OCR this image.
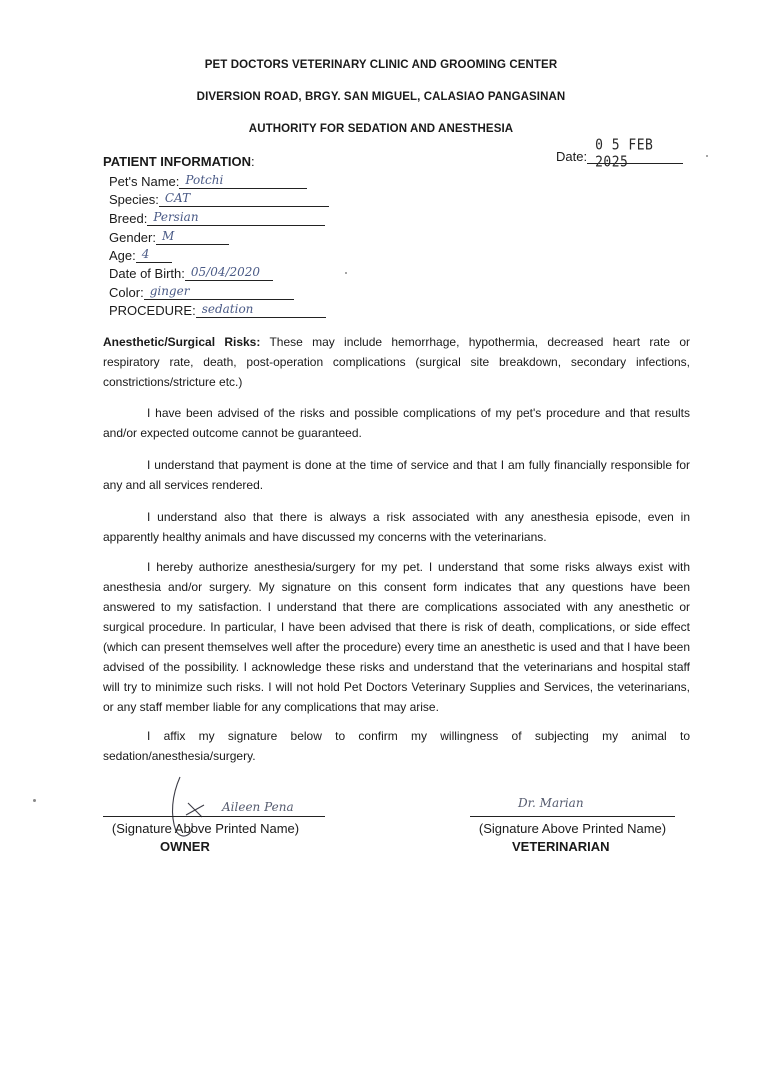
PET DOCTORS VETERINARY CLINIC AND GROOMING CENTER
DIVERSION ROAD, BRGY. SAN MIGUEL, CALASIAO PANGASINAN
AUTHORITY FOR SEDATION AND ANESTHESIA
Date:
0 5 FEB 2025
PATIENT INFORMATION:
Pet's Name: Potchi
Species: CAT
Breed: Persian
Gender: M
Age: 4
Date of Birth: 05/04/2020
Color: ginger
PROCEDURE: sedation

Anesthetic/Surgical Risks: These may include hemorrhage, hypothermia, decreased heart rate or respiratory rate, death, post-operation complications (surgical site breakdown, secondary infections, constrictions/stricture etc.)

I have been advised of the risks and possible complications of my pet's procedure and that results and/or expected outcome cannot be guaranteed.

I understand that payment is done at the time of service and that I am fully financially responsible for any and all services rendered.

I understand also that there is always a risk associated with any anesthesia episode, even in apparently healthy animals and have discussed my concerns with the veterinarians.

I hereby authorize anesthesia/surgery for my pet. I understand that some risks always exist with anesthesia and/or surgery. My signature on this consent form indicates that any questions have been answered to my satisfaction. I understand that there are complications associated with any anesthetic or surgical procedure. In particular, I have been advised that there is risk of death, complications, or side effect (which can present themselves well after the procedure) every time an anesthetic is used and that I have been advised of the possibility. I acknowledge these risks and understand that the veterinarians and hospital staff will try to minimize such risks. I will not hold Pet Doctors Veterinary Supplies and Services, the veterinarians, or any staff member liable for any complications that may arise.

I affix my signature below to confirm my willingness of subjecting my animal to sedation/anesthesia/surgery.

Aileen Pena
(Signature Above Printed Name)
OWNER
Dr. Marian
(Signature Above Printed Name)
VETERINARIAN
